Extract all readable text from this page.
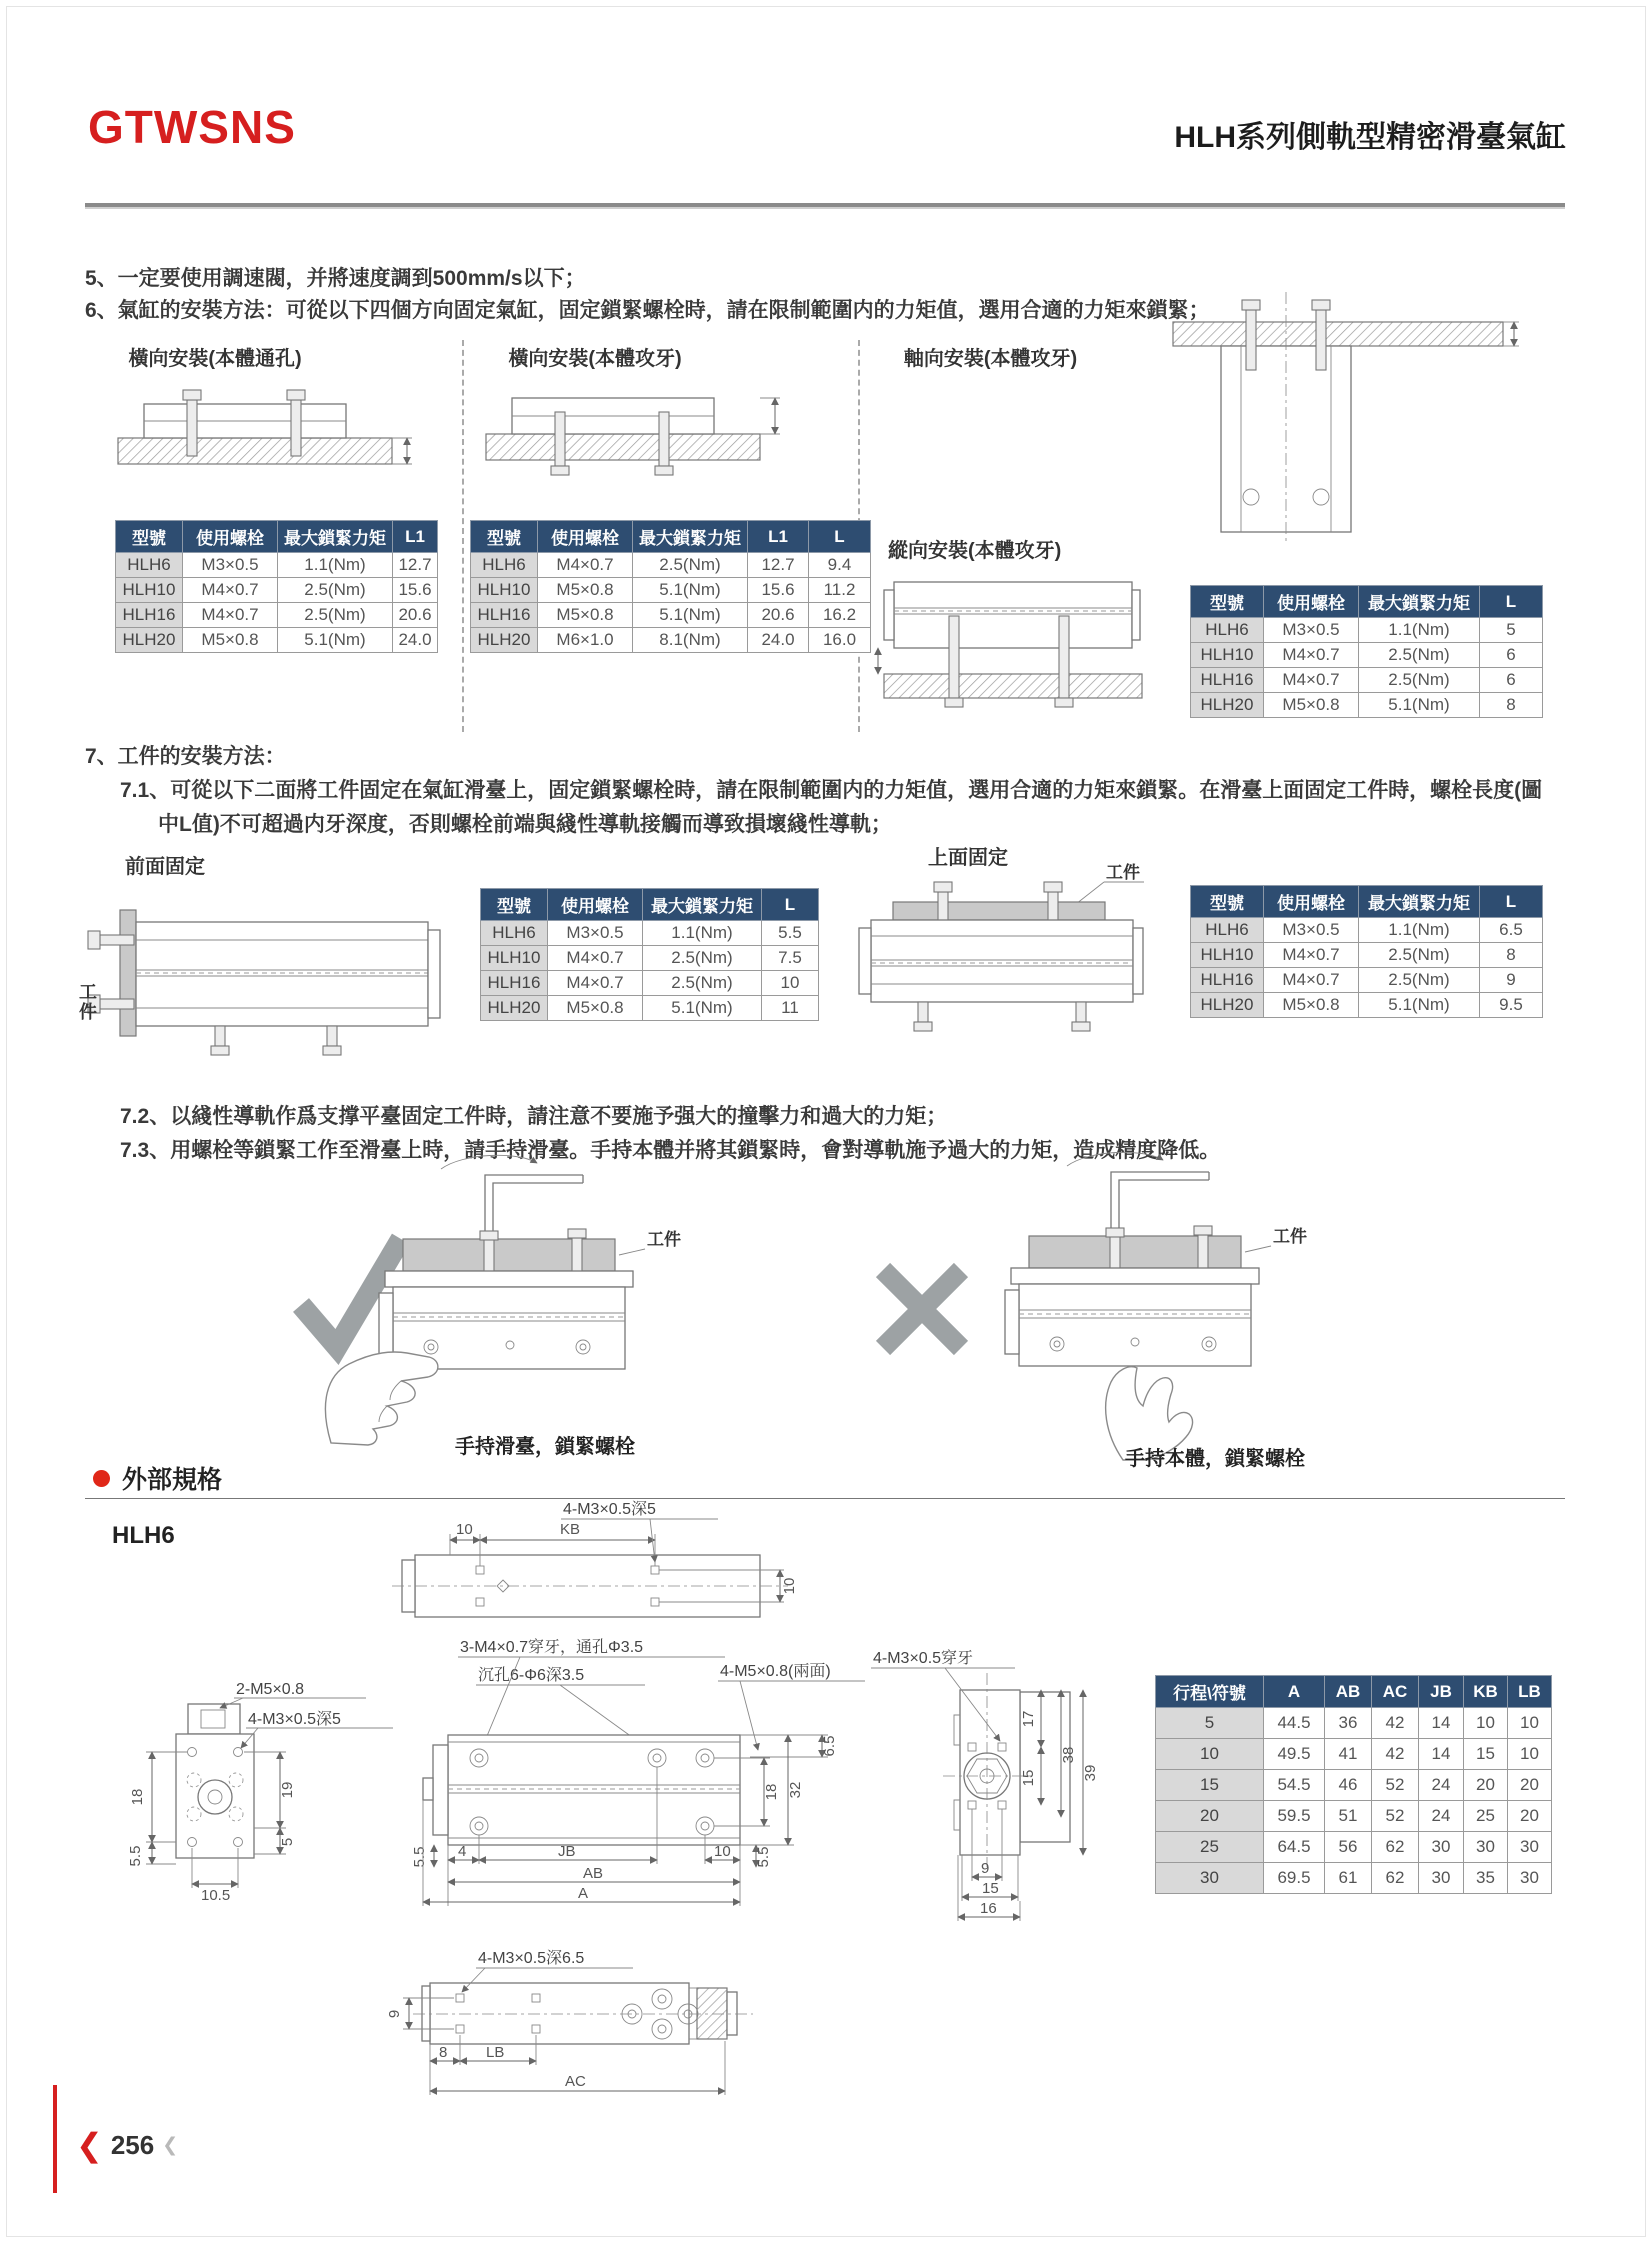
GTWSNS	HLH系列側軌型精密滑臺氣缸
5、一定要使用調速閥，并將速度調到500mm/s以下；
6、氣缸的安裝方法：可從以下四個方向固定氣缸，固定鎖緊螺栓時，請在限制範圍内的力矩值，選用合適的力矩來鎖緊；
橫向安裝(本體通孔)	橫向安裝(本體攻牙)	軸向安裝(本體攻牙)
縱向安裝(本體攻牙)
型號	使用螺栓	最大鎖緊力矩	L1
HLH6	M3×0.5	1.1(Nm)	12.7
HLH10	M4×0.7	2.5(Nm)	15.6
HLH16	M4×0.7	2.5(Nm)	20.6
HLH20	M5×0.8	5.1(Nm)	24.0
型號	使用螺栓	最大鎖緊力矩	L1	L
HLH6	M4×0.7	2.5(Nm)	12.7	9.4
HLH10	M5×0.8	5.1(Nm)	15.6	11.2
HLH16	M5×0.8	5.1(Nm)	20.6	16.2
HLH20	M6×1.0	8.1(Nm)	24.0	16.0
型號	使用螺栓	最大鎖緊力矩	L
HLH6	M3×0.5	1.1(Nm)	5
HLH10	M4×0.7	2.5(Nm)	6
HLH16	M4×0.7	2.5(Nm)	6
HLH20	M5×0.8	5.1(Nm)	8
7、工件的安裝方法：
7.1、可從以下二面將工件固定在氣缸滑臺上，固定鎖緊螺栓時，請在限制範圍内的力矩值，選用合適的力矩來鎖緊。在滑臺上面固定工件時，螺栓長度(圖
中L值)不可超過内牙深度，否則螺栓前端與綫性導軌接觸而導致損壞綫性導軌；
前面固定
工件
型號	使用螺栓	最大鎖緊力矩	L
HLH6	M3×0.5	1.1(Nm)	5.5
HLH10	M4×0.7	2.5(Nm)	7.5
HLH16	M4×0.7	2.5(Nm)	10
HLH20	M5×0.8	5.1(Nm)	11
上面固定
工件
型號	使用螺栓	最大鎖緊力矩	L
HLH6	M3×0.5	1.1(Nm)	6.5
HLH10	M4×0.7	2.5(Nm)	8
HLH16	M4×0.7	2.5(Nm)	9
HLH20	M5×0.8	5.1(Nm)	9.5
7.2、以綫性導軌作爲支撑平臺固定工件時，請注意不要施予强大的撞擊力和過大的力矩；
7.3、用螺栓等鎖緊工作至滑臺上時，請手持滑臺。手持本體并將其鎖緊時，會對導軌施予過大的力矩，造成精度降低。
工件
手持滑臺，鎖緊螺栓
工件
手持本體，鎖緊螺栓
外部規格
HLH6	10	KB
4-M3×0.5深5
10
2-M5×0.8
4-M3×0.5深5
18
5.5
19
5
10.5
3-M4×0.7穿牙，通孔Φ3.5
沉孔6-Φ6深3.5	4-M5×0.8(兩面)
6.5
18 32
4	JB	10 5.5
5.5
AB
A
4-M3×0.5穿牙
17
15
38
39
9
15
16
行程\符號	A	AB	AC	JB	KB	LB
5	44.5	36	42	14	10	10
10	49.5	41	42	14	15	10
15	54.5	46	52	24	20	20
20	59.5	51	52	24	25	20
25	64.5	56	62	30	30	30
30	69.5	61	62	30	35	30
4-M3×0.5深6.5
9
8	LB
AC
❮ 256 ❮
